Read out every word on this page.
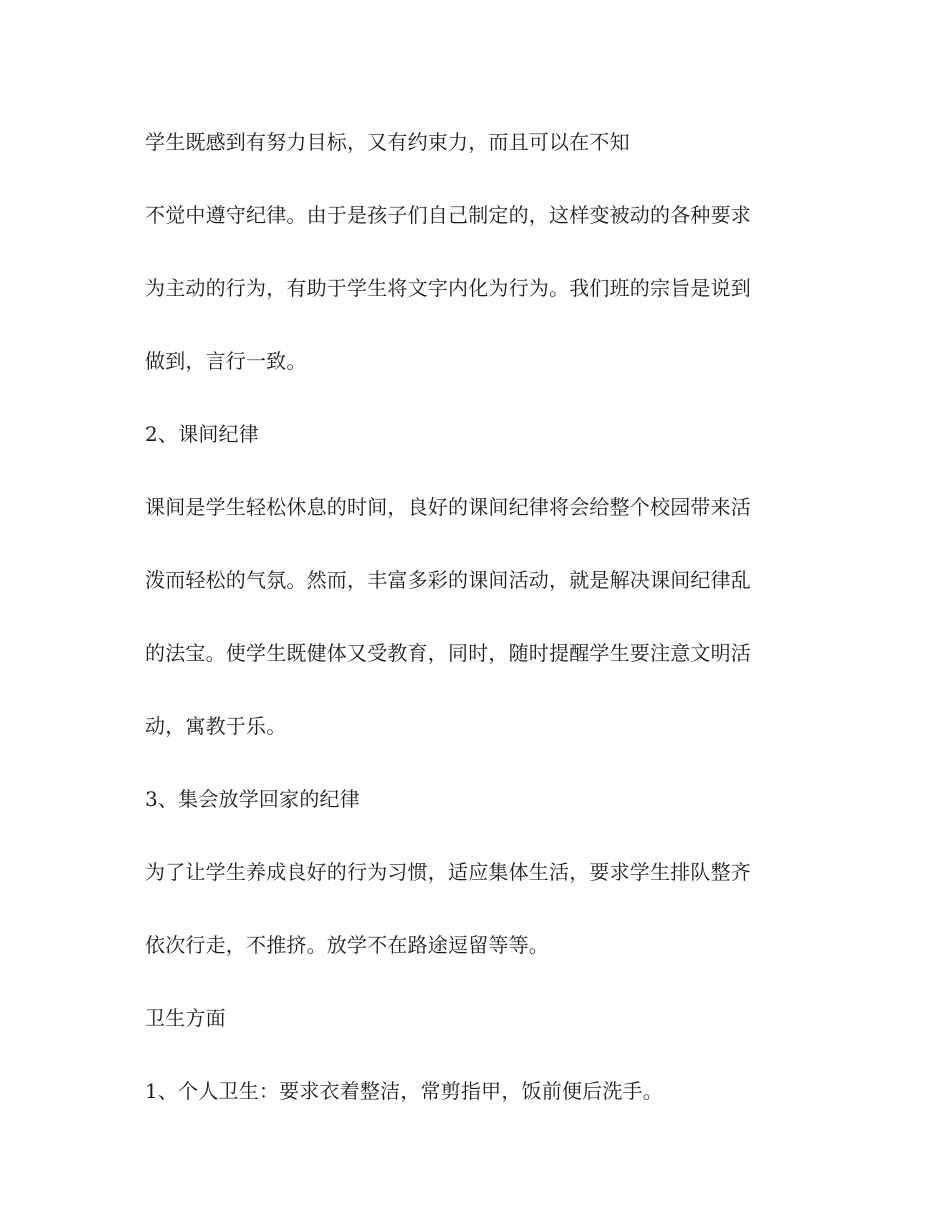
学生既感到有努力目标，又有约束力，而且可以在不知
不觉中遵守纪律。由于是孩子们自己制定的，这样变被动的各种要求
为主动的行为，有助于学生将文字内化为行为。我们班的宗旨是说到
做到，言行一致。
2、课间纪律
课间是学生轻松休息的时间，良好的课间纪律将会给整个校园带来活
泼而轻松的气氛。然而，丰富多彩的课间活动，就是解决课间纪律乱
的法宝。使学生既健体又受教育，同时，随时提醒学生要注意文明活
动，寓教于乐。
3、集会放学回家的纪律
为了让学生养成良好的行为习惯，适应集体生活，要求学生排队整齐
依次行走，不推挤。放学不在路途逗留等等。
卫生方面
1、个人卫生：要求衣着整洁，常剪指甲，饭前便后洗手。
